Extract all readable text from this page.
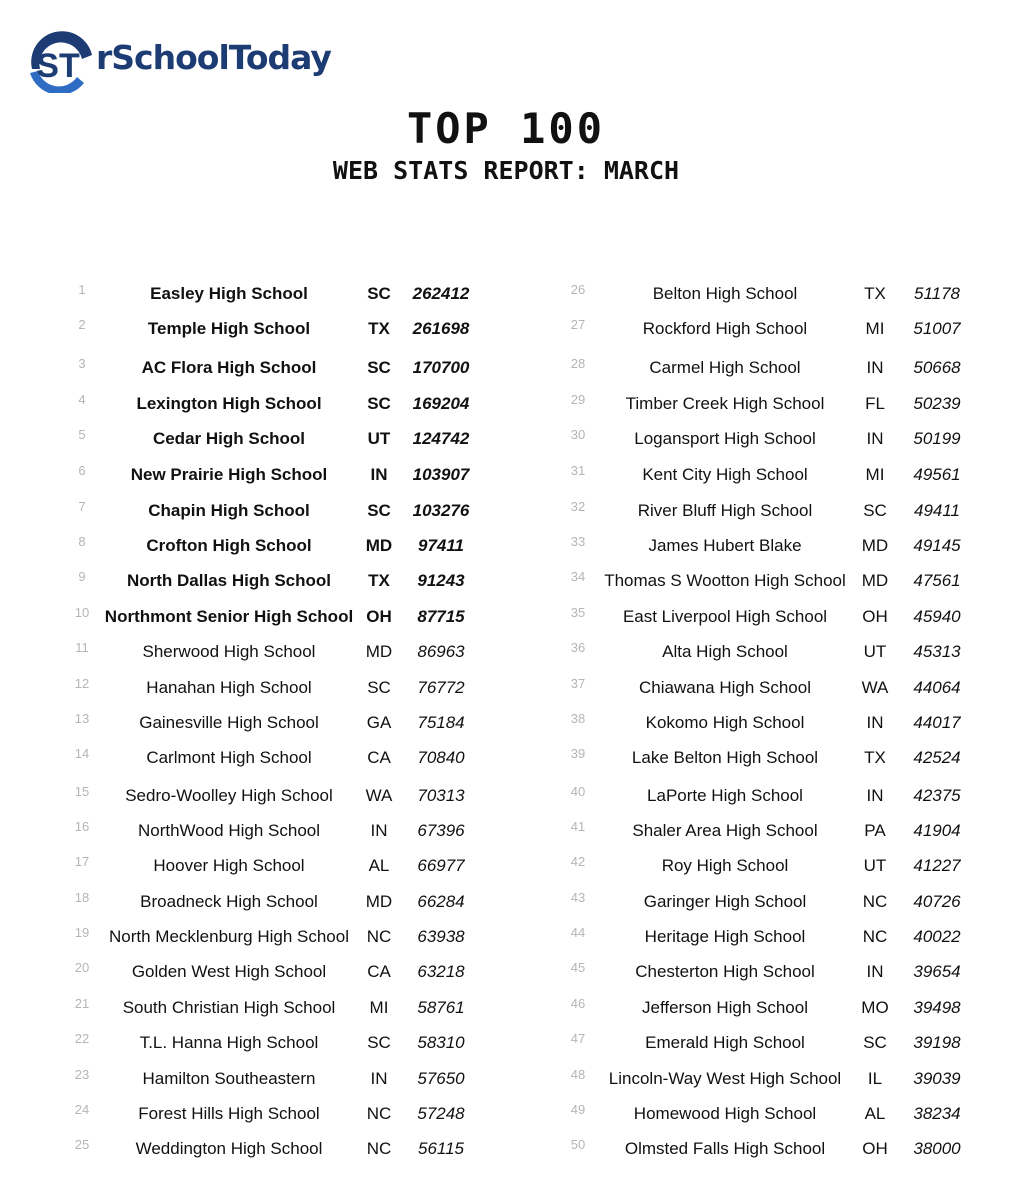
ST rSchoolToday
TOP 100
WEB STATS REPORT: MARCH
1	Easley High School	SC	262412
2	Temple High School	TX	261698
3	AC Flora High School	SC	170700
4	Lexington High School	SC	169204
5	Cedar High School	UT	124742
6	New Prairie High School	IN	103907
7	Chapin High School	SC	103276
8	Crofton High School	MD	97411
9	North Dallas High School	TX	91243
10 Northmont Senior High School OH	87715
11	Sherwood High School	MD	86963
12	Hanahan High School	SC	76772
13	Gainesville High School	GA	75184
14	Carlmont High School	CA	70840
15	Sedro-Woolley High School	WA	70313
16	NorthWood High School	IN	67396
17	Hoover High School	AL	66977
18	Broadneck High School	MD	66284
19	North Mecklenburg High School	NC	63938
20	Golden West High School	CA	63218
21	South Christian High School	MI	58761
22	T.L. Hanna High School	SC	58310
23	Hamilton Southeastern	IN	57650
24	Forest Hills High School	NC	57248
25	Weddington High School	NC	56115
26	Belton High School	TX	51178
27	Rockford High School	MI	51007
28	Carmel High School	IN	50668
29	Timber Creek High School	FL	50239
30	Logansport High School	IN	50199
31	Kent City High School	MI	49561
32	River Bluff High School	SC	49411
33	James Hubert Blake	MD	49145
34	Thomas S Wootton High School MD	47561
35	East Liverpool High School	OH	45940
36	Alta High School	UT	45313
37	Chiawana High School	WA	44064
38	Kokomo High School	IN	44017
39	Lake Belton High School	TX	42524
40	LaPorte High School	IN	42375
41	Shaler Area High School	PA	41904
42	Roy High School	UT	41227
43	Garinger High School	NC	40726
44	Heritage High School	NC	40022
45	Chesterton High School	IN	39654
46	Jefferson High School	MO	39498
47	Emerald High School	SC	39198
48	Lincoln-Way West High School	IL	39039
49	Homewood High School	AL	38234
50	Olmsted Falls High School	OH	38000
